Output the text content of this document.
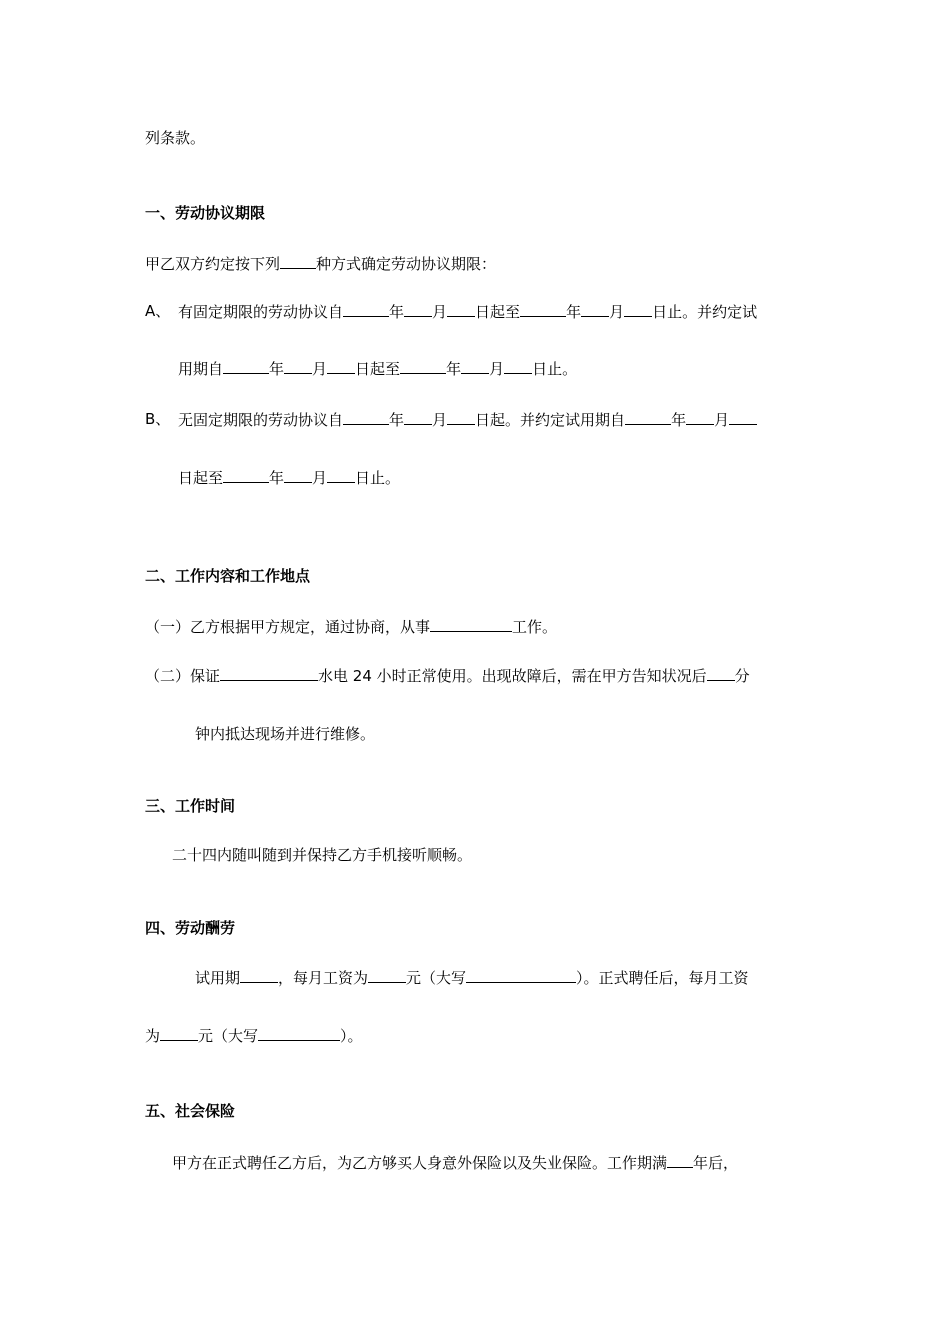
列条款。
一、劳动协议期限
甲乙双方约定按下列 种方式确定劳动协议期限：
A、 有固定期限的劳动协议自	年 月 日起至	年 月 日止。并约定试
用期自	年 月 日起至	年 月 日止。
B、 无固定期限的劳动协议自	年 月 日起。并约定试用期自	年 月
日起至	年 月 日止。
二、工作内容和工作地点
（一）乙方根据甲方规定，通过协商，从事	工作。
（二）保证	水电 24 小时正常使用。出现故障后，需在甲方告知状况后 分
钟内抵达现场并进行维修。
三、工作时间
二十四内随叫随到并保持乙方手机接听顺畅。
四、劳动酬劳
试用期	，每月工资为	元（大写	）。正式聘任后，每月工资
为	元（大写	）。
五、社会保险
甲方在正式聘任乙方后，为乙方够买人身意外保险以及失业保险。工作期满 年后，
